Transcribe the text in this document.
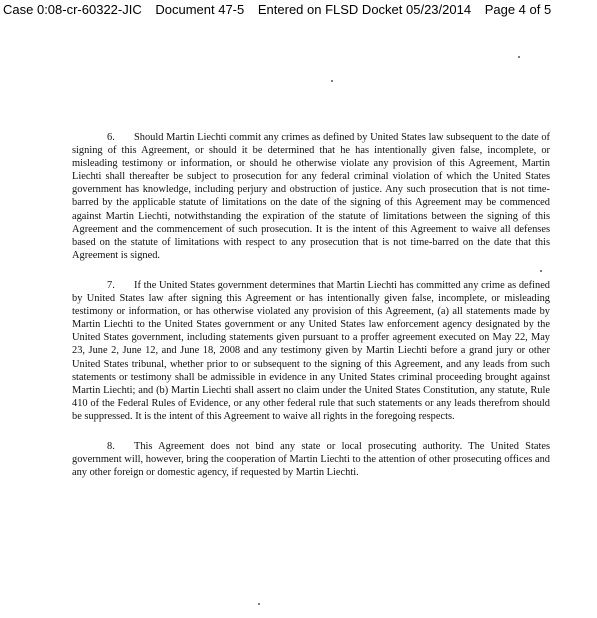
Case 0:08-cr-60322-JIC Document 47-5 Entered on FLSD Docket 05/23/2014 Page 4 of 5

6. Should Martin Liechti commit any crimes as defined by United States law subsequent to the date of signing of this Agreement, or should it be determined that he has intentionally given false, incomplete, or misleading testimony or information, or should he otherwise violate any provision of this Agreement, Martin Liechti shall thereafter be subject to prosecution for any federal criminal violation of which the United States government has knowledge, including perjury and obstruction of justice. Any such prosecution that is not time-barred by the applicable statute of limitations on the date of the signing of this Agreement may be commenced against Martin Liechti, notwithstanding the expiration of the statute of limitations between the signing of this Agreement and the commencement of such prosecution. It is the intent of this Agreement to waive all defenses based on the statute of limitations with respect to any prosecution that is not time-barred on the date that this Agreement is signed.

7. If the United States government determines that Martin Liechti has committed any crime as defined by United States law after signing this Agreement or has intentionally given false, incomplete, or misleading testimony or information, or has otherwise violated any provision of this Agreement, (a) all statements made by Martin Liechti to the United States government or any United States law enforcement agency designated by the United States government, including statements given pursuant to a proffer agreement executed on May 22, May 23, June 2, June 12, and June 18, 2008 and any testimony given by Martin Liechti before a grand jury or other United States tribunal, whether prior to or subsequent to the signing of this Agreement, and any leads from such statements or testimony shall be admissible in evidence in any United States criminal proceeding brought against Martin Liechti; and (b) Martin Liechti shall assert no claim under the United States Constitution, any statute, Rule 410 of the Federal Rules of Evidence, or any other federal rule that such statements or any leads therefrom should be suppressed. It is the intent of this Agreement to waive all rights in the foregoing respects.

8. This Agreement does not bind any state or local prosecuting authority. The United States government will, however, bring the cooperation of Martin Liechti to the attention of other prosecuting offices and any other foreign or domestic agency, if requested by Martin Liechti.
